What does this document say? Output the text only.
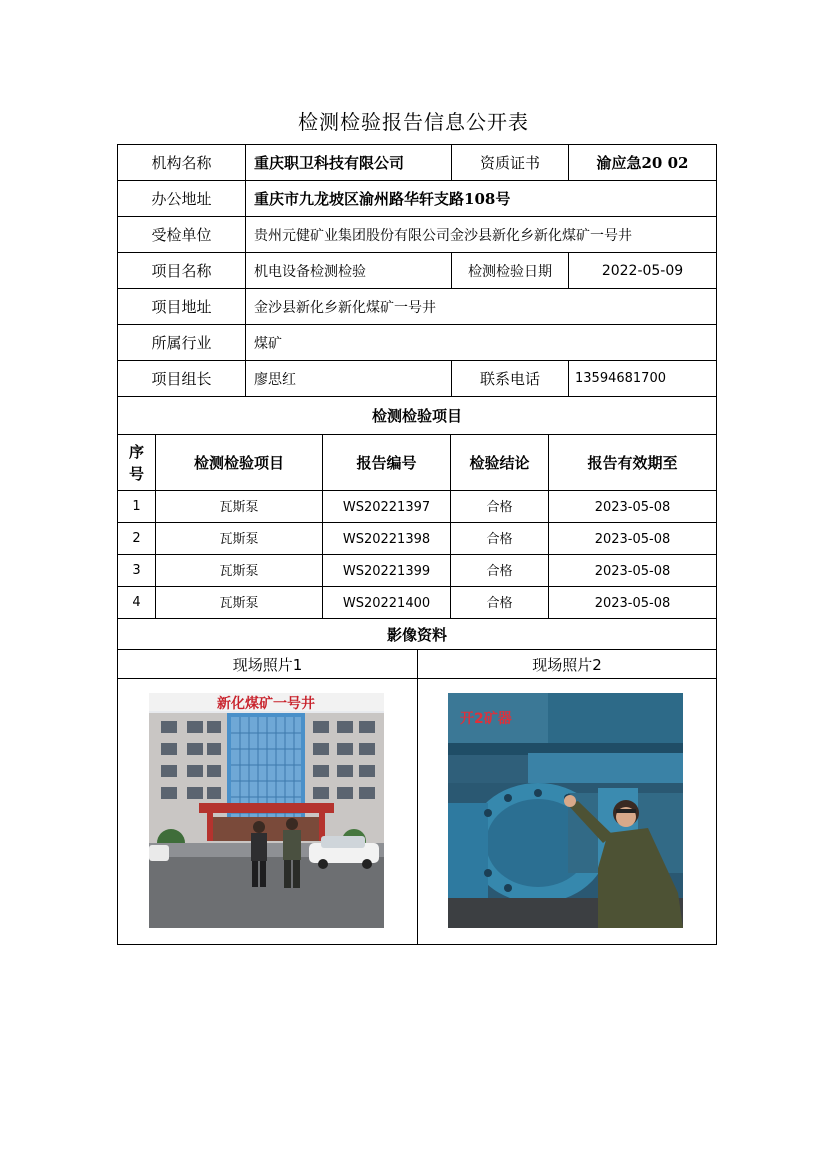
检测检验报告信息公开表
机构名称	重庆职卫科技有限公司	资质证书	渝应急20 02
办公地址	重庆市九龙坡区渝州路华轩支路108号
受检单位	贵州元健矿业集团股份有限公司金沙县新化乡新化煤矿一号井
项目名称	机电设备检测检验	检测检验日期	2022-05-09
项目地址	金沙县新化乡新化煤矿一号井
所属行业	煤矿
项目组长	廖思红	联系电话	13594681700
检测检验项目
序
号
检测检验项目	报告编号	检验结论	报告有效期至
1	瓦斯泵	WS20221397	合格	2023-05-08
2	瓦斯泵	WS20221398	合格	2023-05-08
3	瓦斯泵	WS20221399	合格	2023-05-08
4	瓦斯泵	WS20221400	合格	2023-05-08
影像资料
现场照片1	现场照片2
新化煤矿一号井
开2矿器
